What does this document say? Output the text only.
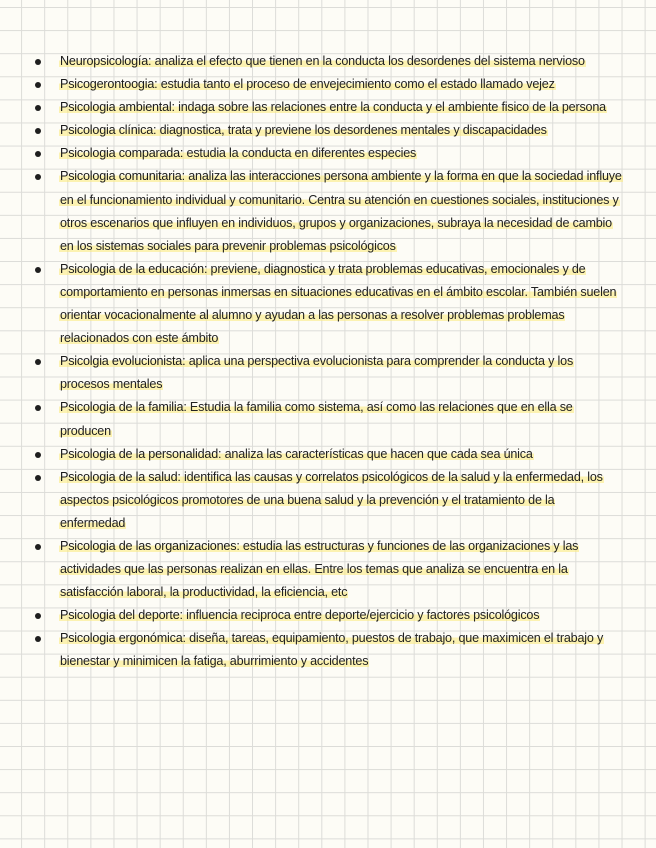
Neuropsicología: analiza el efecto que tienen en la conducta los desordenes del sistema nervioso
Psicogerontoogia: estudia tanto el proceso de envejecimiento como el estado llamado vejez
Psicologia ambiental: indaga sobre las relaciones entre la conducta y el ambiente fisico de la persona
Psicologia clínica: diagnostica, trata y previene los desordenes mentales y discapacidades
Psicologia comparada: estudia la conducta en diferentes especies
Psicologia comunitaria: analiza las interacciones persona ambiente y la forma en que la sociedad influye en el funcionamiento individual y comunitario. Centra su atención en cuestiones sociales, instituciones y otros escenarios que influyen en individuos, grupos y organizaciones, subraya la necesidad de cambio en los sistemas sociales para prevenir problemas psicológicos
Psicologia de la educación: previene, diagnostica y trata problemas educativas, emocionales y de comportamiento en personas inmersas en situaciones educativas en el ámbito escolar. También suelen orientar vocacionalmente al alumno y ayudan a las personas a resolver problemas problemas relacionados con este ámbito
Psicolgia evolucionista: aplica una perspectiva evolucionista para comprender la conducta y los procesos mentales
Psicologia de la familia: Estudia la familia como sistema, así como las relaciones que en ella se producen
Psicologia de la personalidad: analiza las características que hacen que cada sea única
Psicologia de la salud: identifica las causas y correlatos psicológicos de la salud y la enfermedad, los aspectos psicológicos promotores de una buena salud y la prevención y el tratamiento de la enfermedad
Psicologia de las organizaciones: estudia las estructuras y funciones de las organizaciones y las actividades que las personas realizan en ellas. Entre los temas que analiza se encuentra en la satisfacción laboral, la productividad, la eficiencia, etc
Psicologia del deporte: influencia reciproca entre deporte/ejercicio y factores psicológicos
Psicologia ergonómica: diseña, tareas, equipamiento, puestos de trabajo, que maximicen el trabajo y bienestar y minimicen la fatiga, aburrimiento y accidentes
